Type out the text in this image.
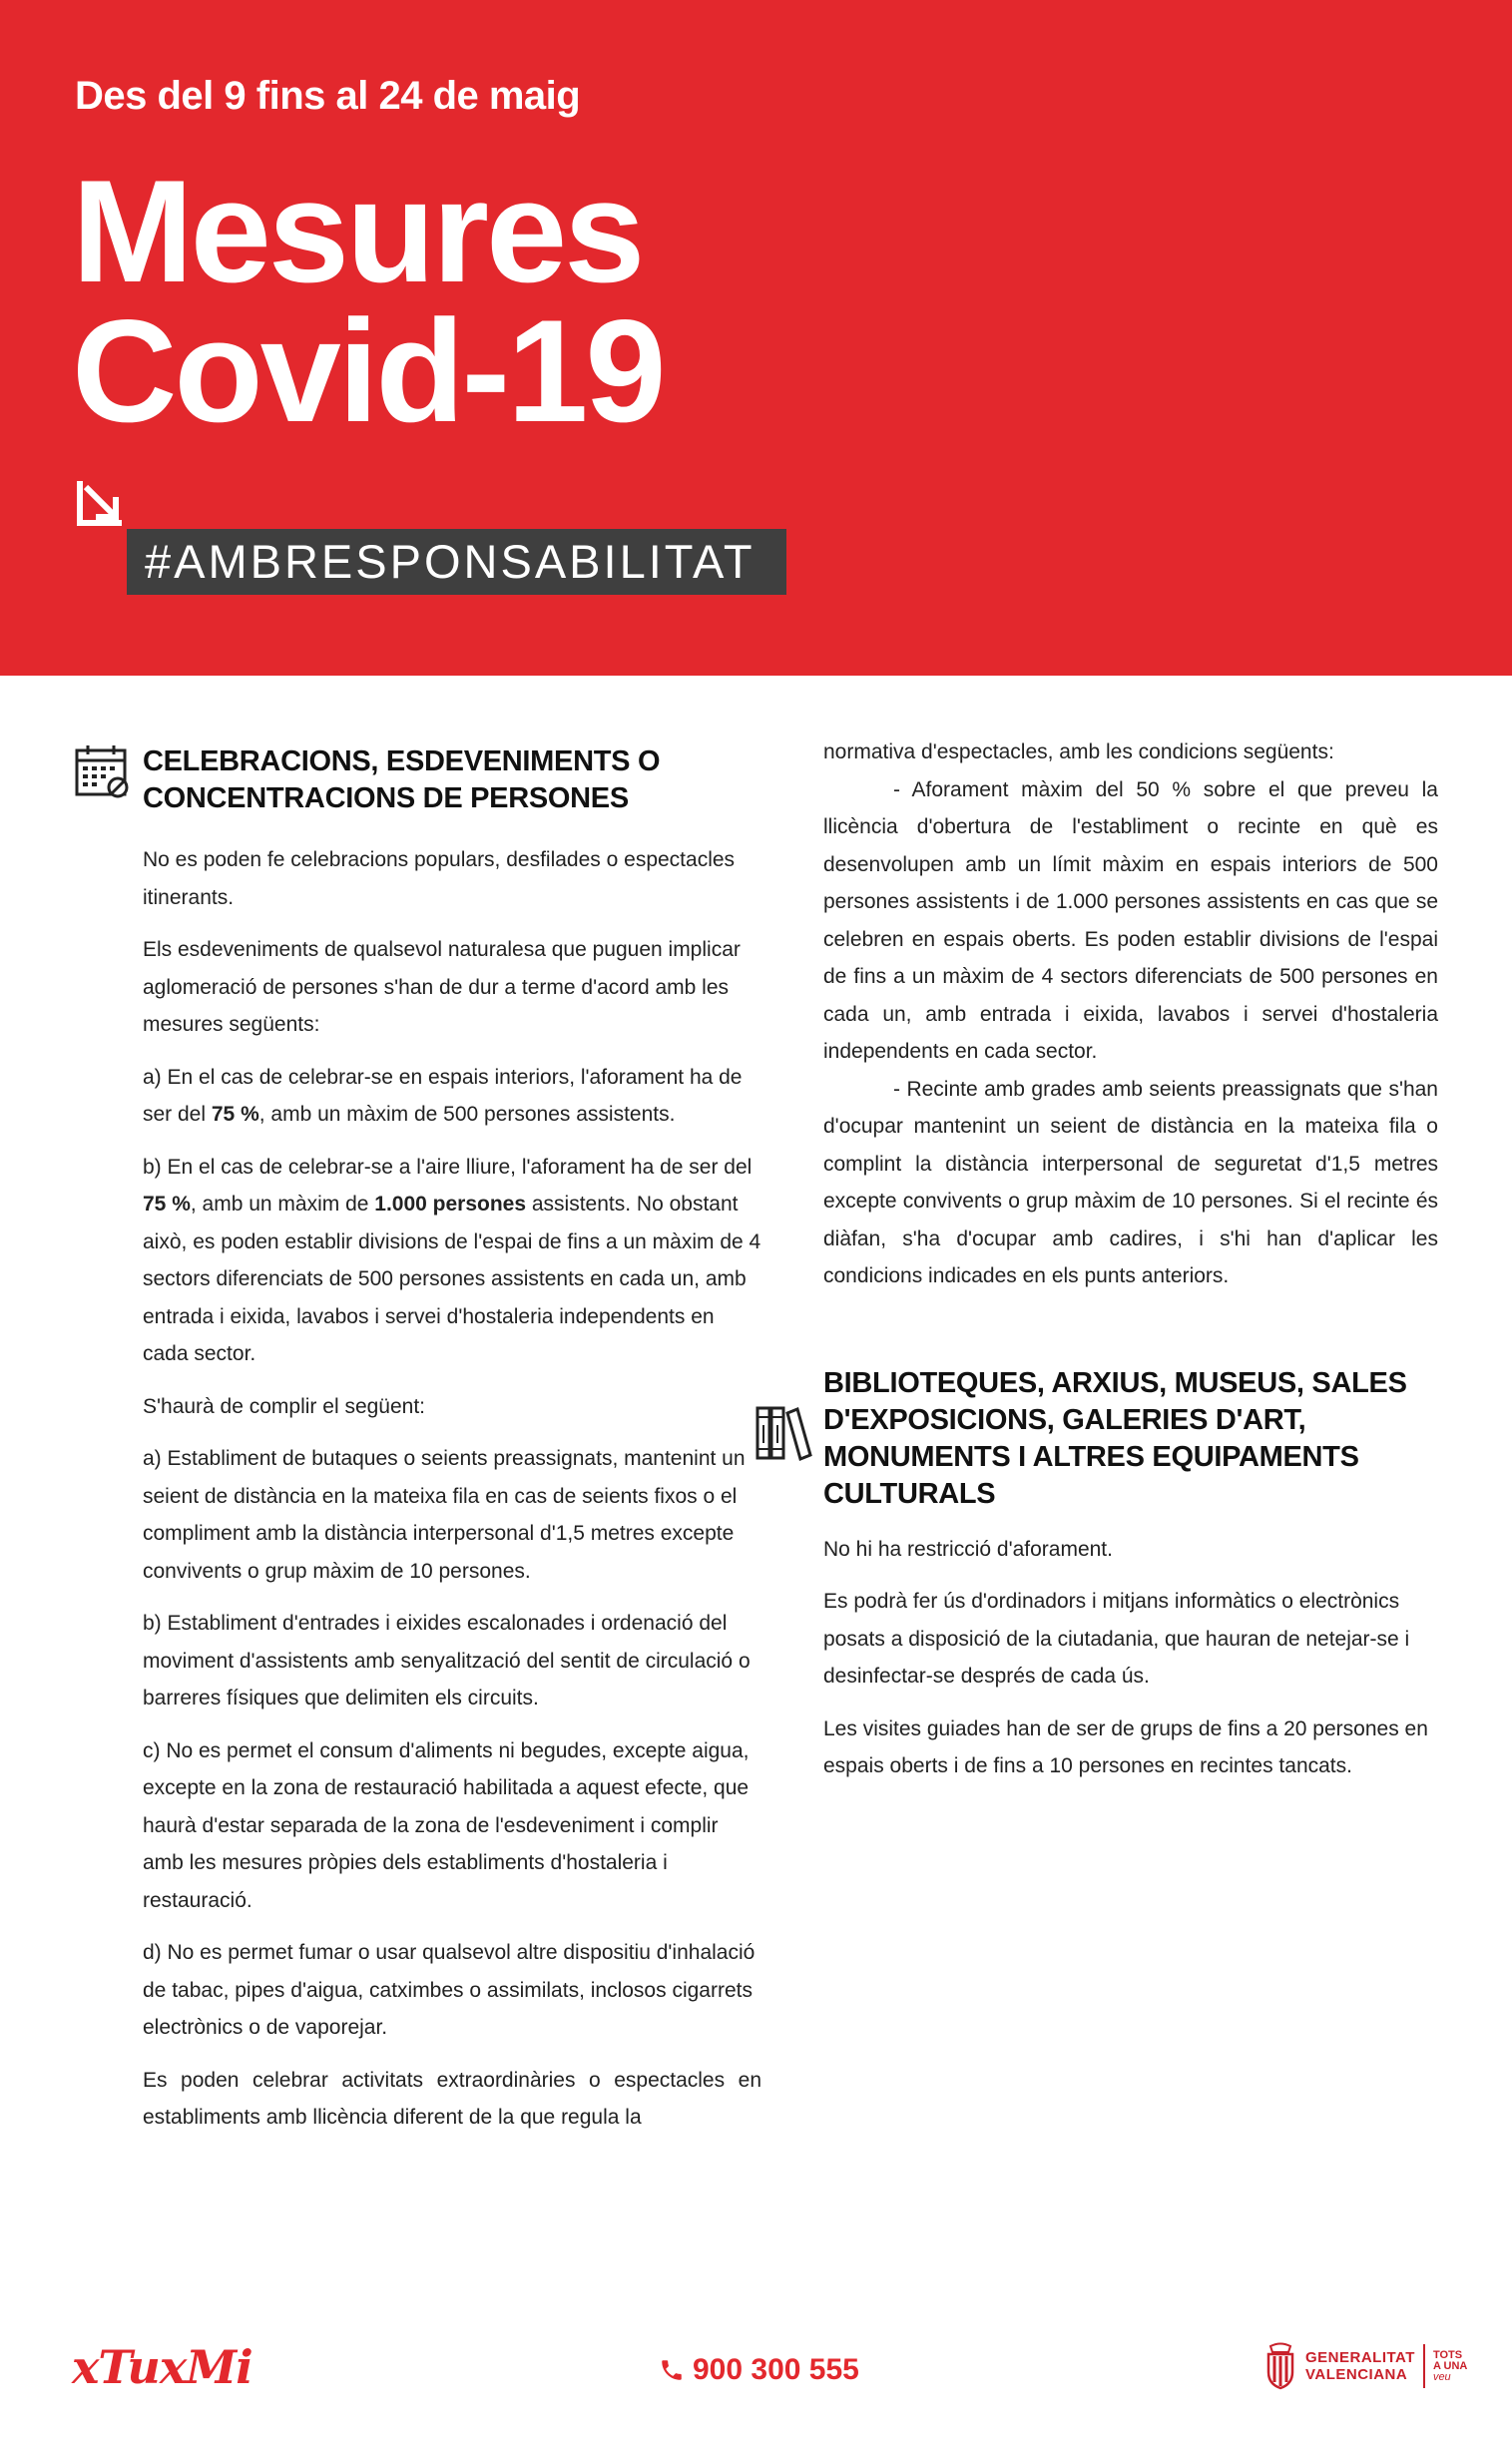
Des del 9 fins al 24 de maig
Mesures
Covid-19
#AMBRESPONSABILITAT
CELEBRACIONS, ESDEVENIMENTS O
CONCENTRACIONS DE PERSONES

No es poden fe celebracions populars, desfilades o espectacles itinerants.

Els esdeveniments de qualsevol naturalesa que puguen implicar aglomeració de persones s'han de dur a terme d'acord amb les mesures següents:

a) En el cas de celebrar-se en espais interiors, l'aforament ha de ser del 75 %, amb un màxim de 500 persones assistents.

b) En el cas de celebrar-se a l'aire lliure, l'aforament ha de ser del 75 %, amb un màxim de 1.000 persones assistents. No obstant això, es poden establir divisions de l'espai de fins a un màxim de 4 sectors diferenciats de 500 persones assistents en cada un, amb entrada i eixida, lavabos i servei d'hostaleria independents en cada sector.

S'haurà de complir el següent:

a) Establiment de butaques o seients preassignats, mantenint un seient de distància en la mateixa fila en cas de seients fixos o el compliment amb la distància interpersonal d'1,5 metres excepte convivents o grup màxim de 10 persones.

b) Establiment d'entrades i eixides escalonades i ordenació del moviment d'assistents amb senyalització del sentit de circulació o barreres físiques que delimiten els circuits.

c) No es permet el consum d'aliments ni begudes, excepte aigua, excepte en la zona de restauració habilitada a aquest efecte, que haurà d'estar separada de la zona de l'esdeveniment i complir amb les mesures pròpies dels establiments d'hostaleria i restauració.

d) No es permet fumar o usar qualsevol altre dispositiu d'inhalació de tabac, pipes d'aigua, catximbes o assimilats, inclosos cigarrets electrònics o de vaporejar.

Es poden celebrar activitats extraordinàries o espectacles en establiments amb llicència diferent de la que regula la

normativa d'espectacles, amb les condicions següents:

- Aforament màxim del 50 % sobre el que preveu la llicència d'obertura de l'establiment o recinte en què es desenvolupen amb un límit màxim en espais interiors de 500 persones assistents i de 1.000 persones assistents en cas que se celebren en espais oberts. Es poden establir divisions de l'espai de fins a un màxim de 4 sectors diferenciats de 500 persones en cada un, amb entrada i eixida, lavabos i servei d'hostaleria independents en cada sector.

- Recinte amb grades amb seients preassignats que s'han d'ocupar mantenint un seient de distància en la mateixa fila o complint la distància interpersonal de seguretat d'1,5 metres excepte convivents o grup màxim de 10 persones. Si el recinte és diàfan, s'ha d'ocupar amb cadires, i s'hi han d'aplicar les condicions indicades en els punts anteriors.

BIBLIOTEQUES, ARXIUS, MUSEUS, SALES
D'EXPOSICIONS, GALERIES D'ART,
MONUMENTS I ALTRES EQUIPAMENTS
CULTURALS

No hi ha restricció d'aforament.

Es podrà fer ús d'ordinadors i mitjans informàtics o electrònics posats a disposició de la ciutadania, que hauran de netejar-se i desinfectar-se després de cada ús.

Les visites guiades han de ser de grups de fins a 20 persones en espais oberts i de fins a 10 persones en recintes tancats.

xTuxMi	900 300 555	GENERALITAT
VALENCIANA
TOTS
A UNA
veu
